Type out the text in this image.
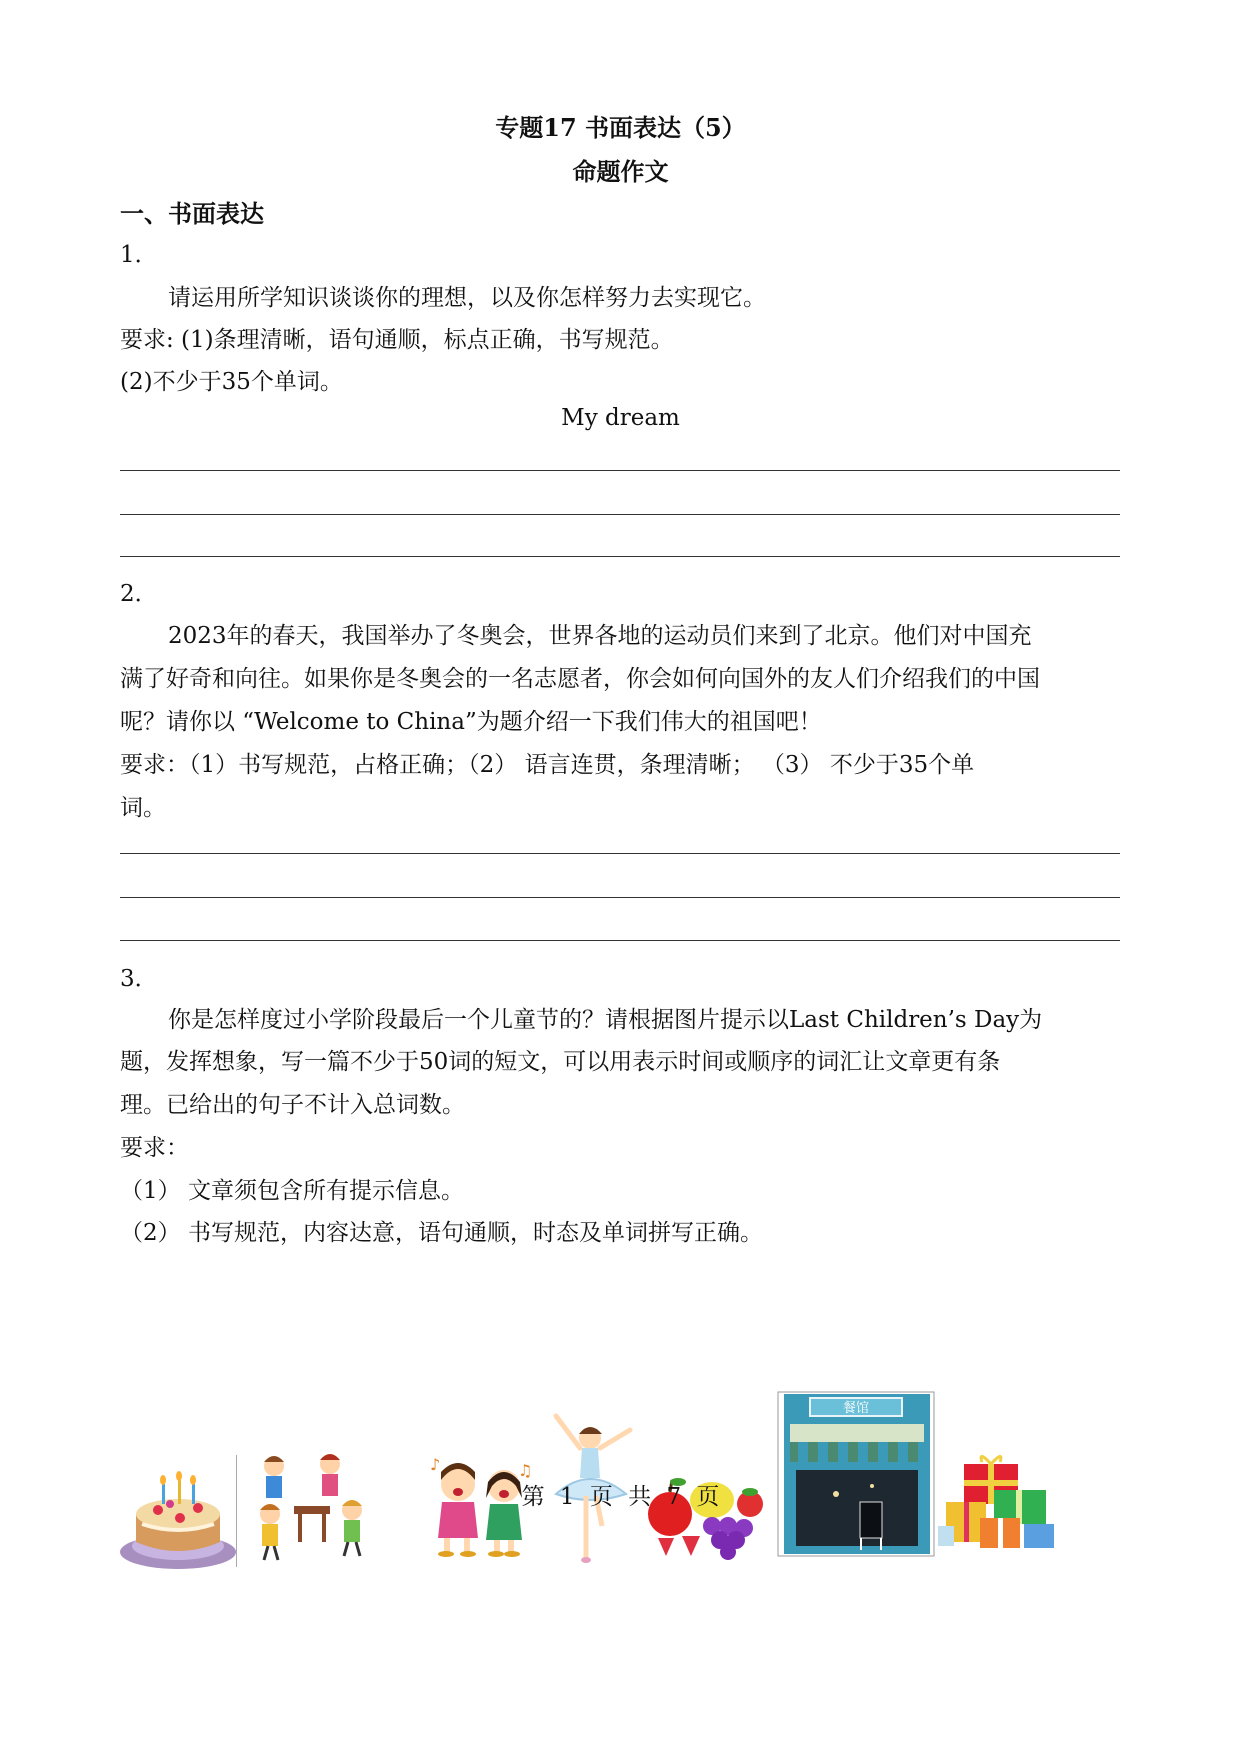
专题17 书面表达（5）
命题作文
一、书面表达
1．
请运用所学知识谈谈你的理想，以及你怎样努力去实现它。
要求: (1)条理清晰，语句通顺，标点正确，书写规范。
(2)不少于35个单词。
My dream
2．
2023年的春天，我国举办了冬奥会，世界各地的运动员们来到了北京。他们对中国充
满了好奇和向往。如果你是冬奥会的一名志愿者，你会如何向国外的友人们介绍我们的中国
呢？请你以 “Welcome to China”为题介绍一下我们伟大的祖国吧！
要求：（1）书写规范，占格正确；（2） 语言连贯，条理清晰； （3） 不少于35个单
词。
3．
你是怎样度过小学阶段最后一个儿童节的？请根据图片提示以Last Children’s Day为
题，发挥想象，写一篇不少于50词的短文，可以用表示时间或顺序的词汇让文章更有条
理。已给出的句子不计入总词数。
要求：
（1） 文章须包含所有提示信息。
（2） 书写规范，内容达意，语句通顺，时态及单词拼写正确。
♪	♫
餐馆
第 1 页 共 7 页
